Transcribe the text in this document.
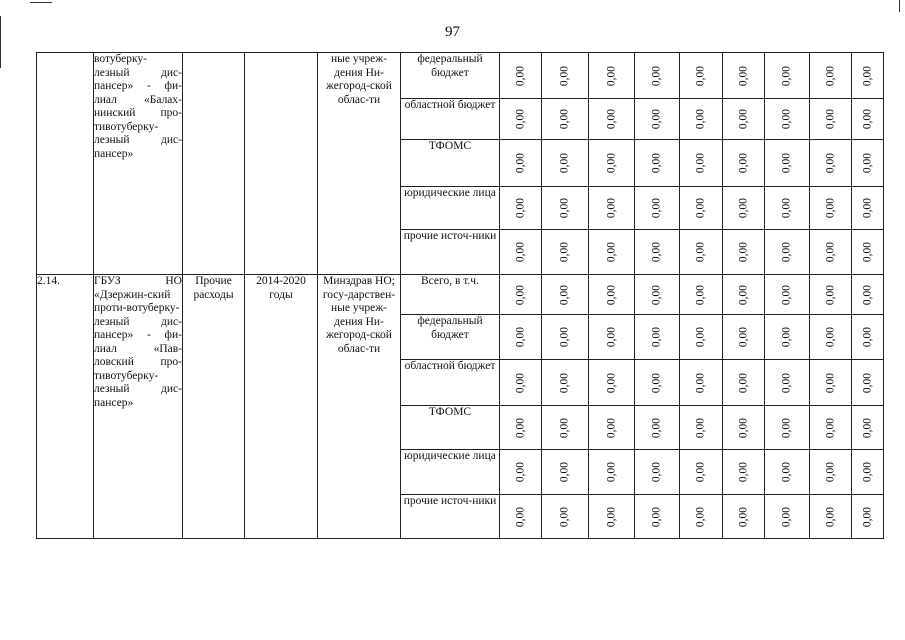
97
	вотуберку-лезный дис-пансер» - фи-лиал «Балах-нинский про-тивотуберку-лезный дис-пансер»			ные учреж-дения Ни-жегород-ской облас-ти	федеральный бюджет	0,00	0,00	0,00	0,00	0,00	0,00	0,00	0,00	0,00

					областной бюджет	0,00	0,00	0,00	0,00	0,00	0,00	0,00	0,00	0,00

					ТФОМС	0,00	0,00	0,00	0,00	0,00	0,00	0,00	0,00	0,00

					юридические лица	0,00	0,00	0,00	0,00	0,00	0,00	0,00	0,00	0,00

					прочие источ-ники	0,00	0,00	0,00	0,00	0,00	0,00	0,00	0,00	0,00

2.14.	ГБУЗ НО «Дзержин-ский проти-вотуберку-лезный дис-пансер» - фи-лиал «Пав-ловский про-тивотуберку-лезный дис-пансер»	Прочие расходы	2014-2020 годы	Минздрав НО; госу-дарствен-ные учреж-дения Ни-жегород-ской облас-ти	Всего, в т.ч.	0,00	0,00	0,00	0,00	0,00	0,00	0,00	0,00	0,00

					федеральный бюджет	0,00	0,00	0,00	0,00	0,00	0,00	0,00	0,00	0,00

					областной бюджет	0,00	0,00	0,00	0,00	0,00	0,00	0,00	0,00	0,00

					ТФОМС	0,00	0,00	0,00	0,00	0,00	0,00	0,00	0,00	0,00

					юридические лица	0,00	0,00	0,00	0,00	0,00	0,00	0,00	0,00	0,00

					прочие источ-ники	0,00	0,00	0,00	0,00	0,00	0,00	0,00	0,00	0,00
